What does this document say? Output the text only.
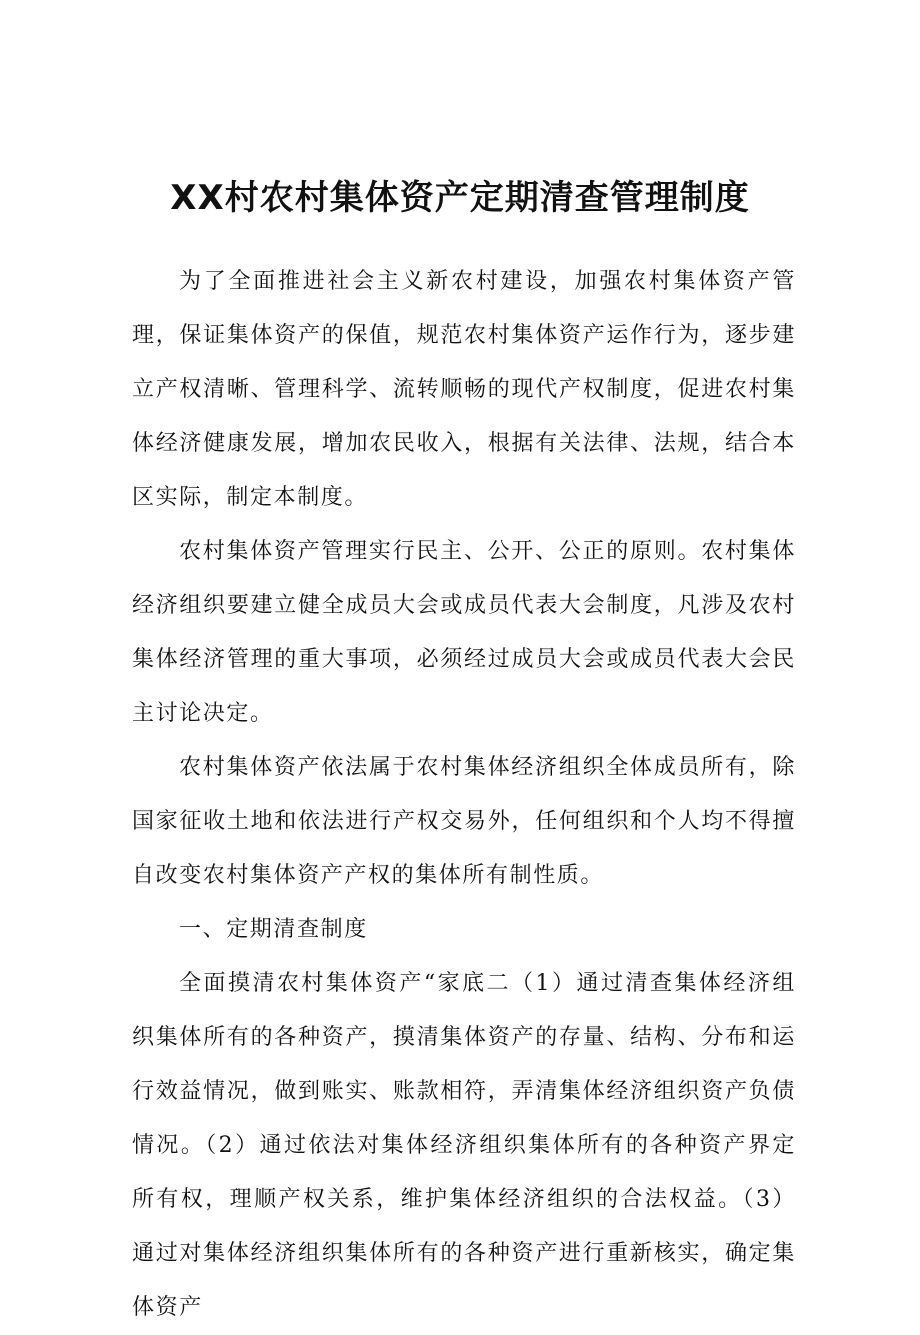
XX村农村集体资产定期清查管理制度

为了全面推进社会主义新农村建设，加强农村集体资产管理，保证集体资产的保值，规范农村集体资产运作行为，逐步建立产权清晰、管理科学、流转顺畅的现代产权制度，促进农村集体经济健康发展，增加农民收入，根据有关法律、法规，结合本区实际，制定本制度。

农村集体资产管理实行民主、公开、公正的原则。农村集体经济组织要建立健全成员大会或成员代表大会制度，凡涉及农村集体经济管理的重大事项，必须经过成员大会或成员代表大会民主讨论决定。

农村集体资产依法属于农村集体经济组织全体成员所有，除国家征收土地和依法进行产权交易外，任何组织和个人均不得擅自改变农村集体资产产权的集体所有制性质。

一、定期清查制度

全面摸清农村集体资产“家底二（1）通过清查集体经济组织集体所有的各种资产，摸清集体资产的存量、结构、分布和运行效益情况，做到账实、账款相符，弄清集体经济组织资产负债情况。（2）通过依法对集体经济组织集体所有的各种资产界定所有权，理顺产权关系，维护集体经济组织的合法权益。（3）通过对集体经济组织集体所有的各种资产进行重新核实，确定集体资产
